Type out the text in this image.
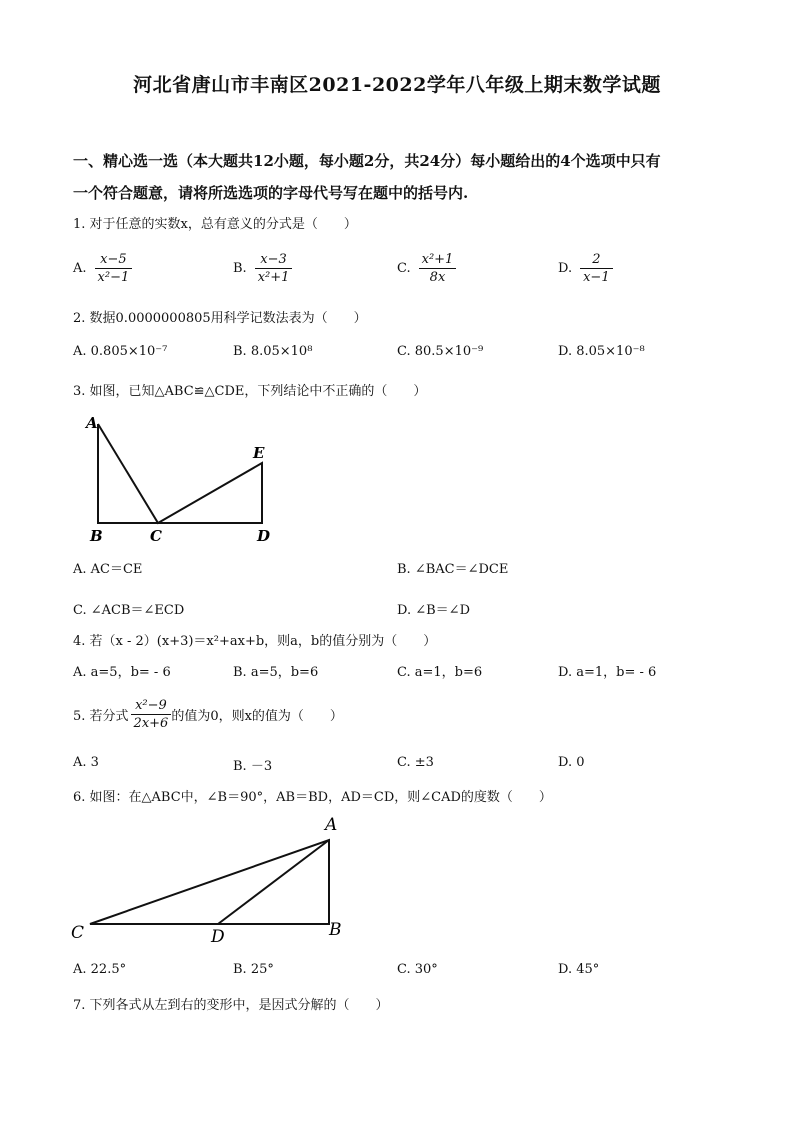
河北省唐山市丰南区2021-2022学年八年级上期末数学试题
一、精心选一选（本大题共12小题，每小题2分，共24分）每小题给出的4个选项中只有
一个符合题意，请将所选选项的字母代号写在题中的括号内.
1. 对于任意的实数x，总有意义的分式是（　　）
A. $\frac{x-5}{\text{x²−1}}$	B. $\frac{x-3}{\text{x²+1}}$	C. $\frac{\text{x²+1}}{8x}$	D. $\frac{2}{x-1}$
2. 数据0.0000000805用科学记数法表为（　　）
A. 0.805×10⁻⁷	B. 8.05×10⁸	C. 80.5×10⁻⁹	D. 8.05×10⁻⁸
3. 如图，已知△ABC≌△CDE，下列结论中不正确的（　　）
A
B	C	D
E
A. AC＝CE	B. ∠BAC＝∠DCE
C. ∠ACB＝∠ECD	D. ∠B＝∠D
4. 若（x - 2）(x+3)＝x²+ax+b，则a，b的值分别为（　　）
A. a=5，b= - 6	B. a=5，b=6	C. a=1，b=6	D. a=1，b= - 6
5. 若分式 $\frac{\text{x²−9}}{2x+6}$ 的值为0，则x的值为（　　）
A. 3	B. －3	C. ±3	D. 0
6. 如图：在△ABC中，∠B＝90°，AB＝BD，AD＝CD，则∠CAD的度数（　　）
C	D	B
A
A. 22.5°	B. 25°	C. 30°	D. 45°
7. 下列各式从左到右的变形中，是因式分解的（　　）
